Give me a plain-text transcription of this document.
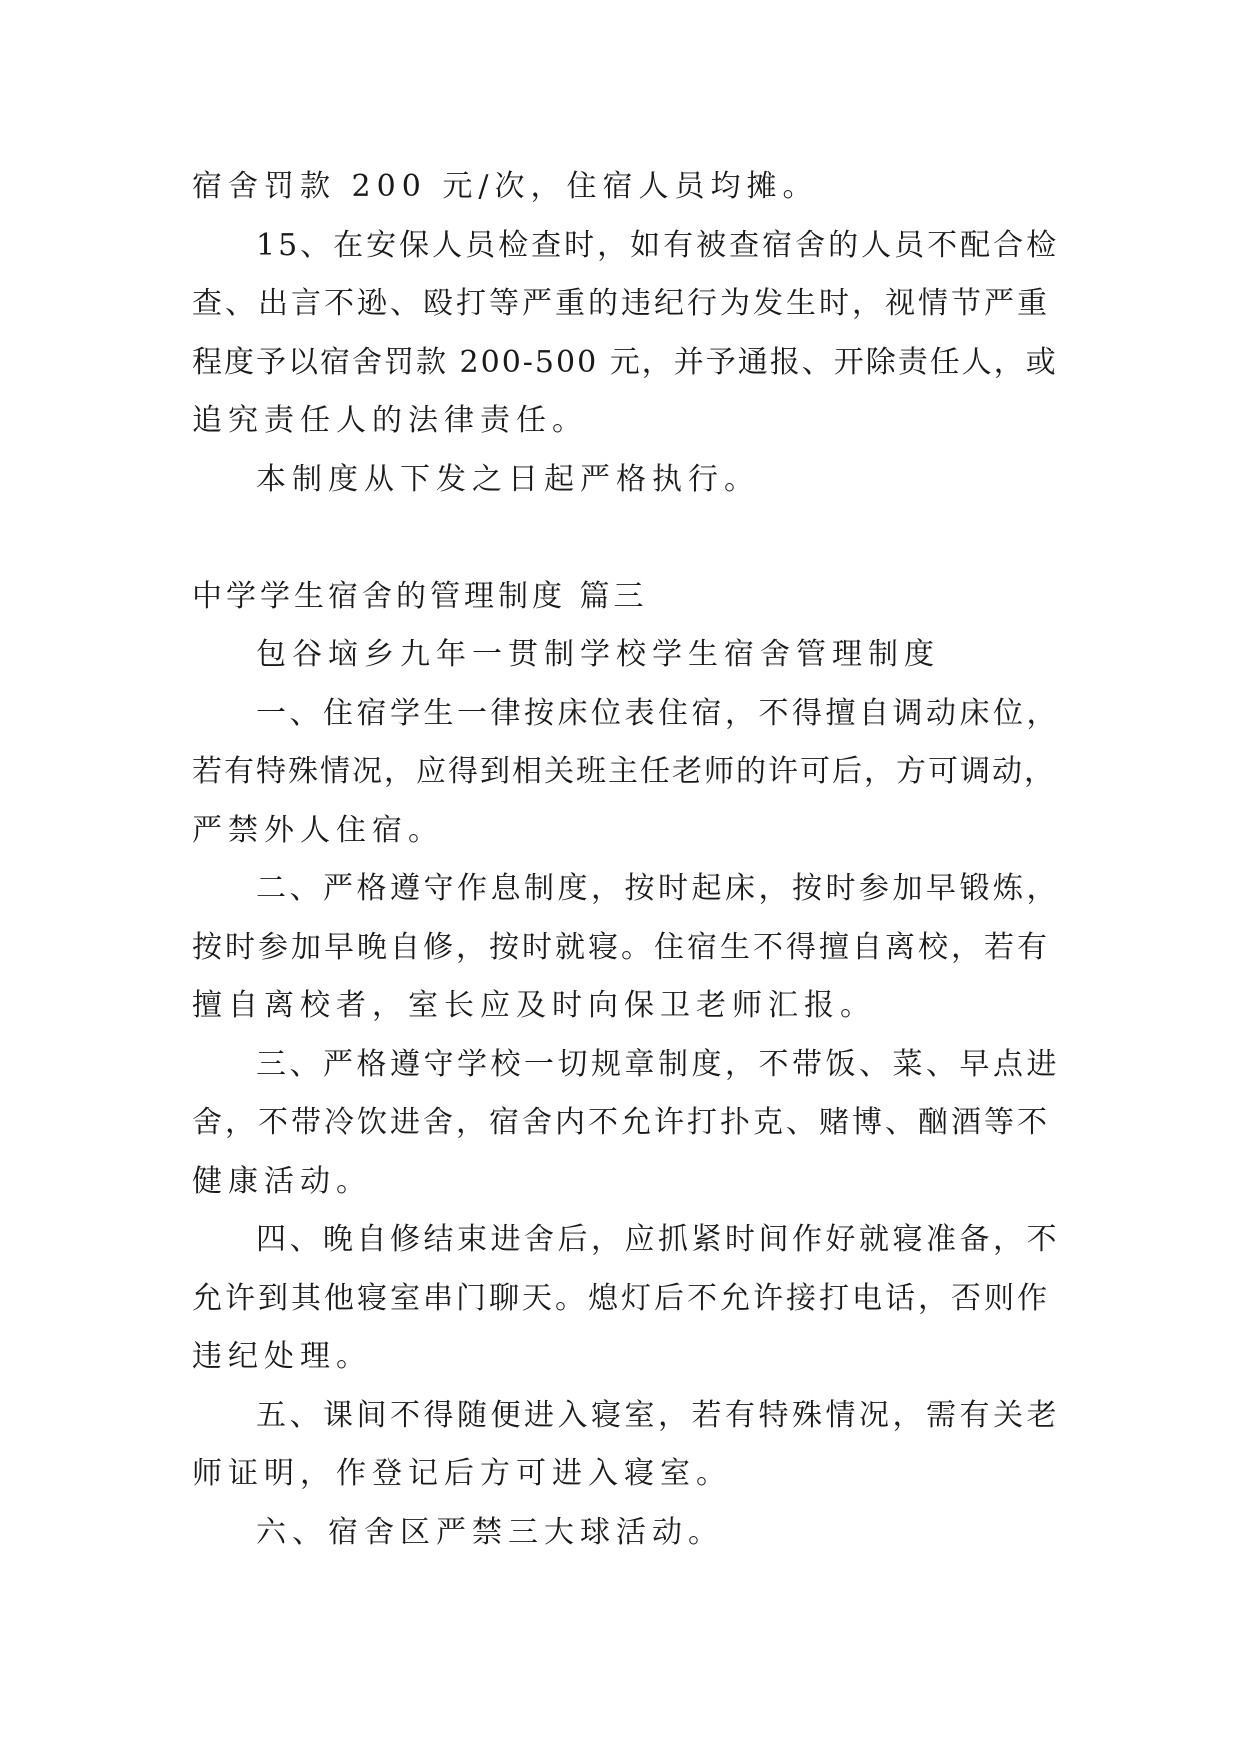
宿舍罚款 200 元/次，住宿人员均摊。
15、在安保人员检查时，如有被查宿舍的人员不配合检
查、出言不逊、殴打等严重的违纪行为发生时，视情节严重
程度予以宿舍罚款 200-500 元，并予通报、开除责任人，或
追究责任人的法律责任。
本制度从下发之日起严格执行。
中学学生宿舍的管理制度 篇三
包谷垴乡九年一贯制学校学生宿舍管理制度
一、住宿学生一律按床位表住宿，不得擅自调动床位，
若有特殊情况，应得到相关班主任老师的许可后，方可调动，
严禁外人住宿。
二、严格遵守作息制度，按时起床，按时参加早锻炼，
按时参加早晚自修，按时就寝。住宿生不得擅自离校，若有
擅自离校者，室长应及时向保卫老师汇报。
三、严格遵守学校一切规章制度，不带饭、菜、早点进
舍，不带冷饮进舍，宿舍内不允许打扑克、赌博、酗酒等不
健康活动。
四、晚自修结束进舍后，应抓紧时间作好就寝准备，不
允许到其他寝室串门聊天。熄灯后不允许接打电话，否则作
违纪处理。
五、课间不得随便进入寝室，若有特殊情况，需有关老
师证明，作登记后方可进入寝室。
六、宿舍区严禁三大球活动。
